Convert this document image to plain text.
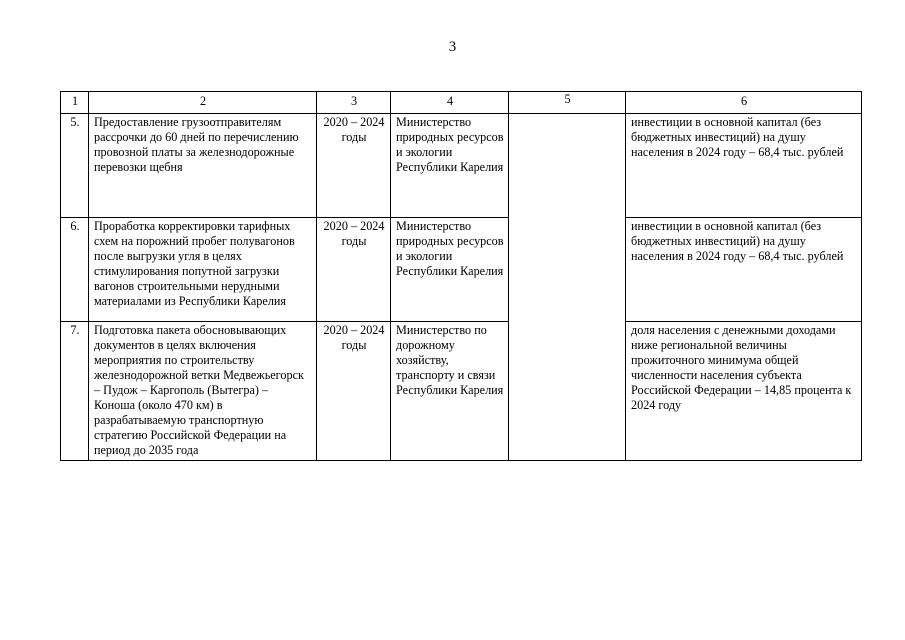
3
1	2	3	4	5	6
5.	Предоставление грузоотправителям рассрочки до 60 дней по перечислению провозной платы за железнодорожные перевозки щебня	2020 – 2024 годы	Министерство природных ресурсов и экологии Республики Карелия		инвестиции в основной капитал (без бюджетных инвестиций) на душу населения в 2024 году – 68,4 тыс. рублей
6.	Проработка корректировки тарифных схем на порожний пробег полувагонов после выгрузки угля в целях стимулирования попутной загрузки вагонов строительными нерудными материалами из Республики Карелия	2020 – 2024 годы	Министерство природных ресурсов и экологии Республики Карелия		инвестиции в основной капитал (без бюджетных инвестиций) на душу населения в 2024 году – 68,4 тыс. рублей
7.	Подготовка пакета обосновывающих документов в целях включения мероприятия по строительству железнодорожной ветки Медвежьегорск – Пудож – Каргополь (Вытегра) – Коноша (около 470 км) в разрабатываемую транспортную стратегию Российской Федерации на период до 2035 года	2020 – 2024 годы	Министерство по дорожному хозяйству, транспорту и связи Республики Карелия		доля населения с денежными доходами ниже региональной величины прожиточного минимума общей численности населения субъекта Российской Федерации – 14,85 процента к 2024 году
